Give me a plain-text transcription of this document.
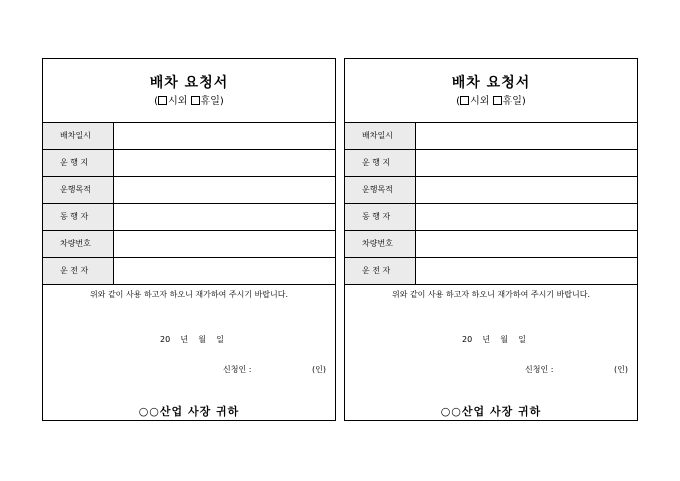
배차 요청서
( 시외 휴일)
배차일시
운 행 지
운행목적
동 행 자
차량번호
운 전 자
위와 같이 사용 하고자 하오니 재가하여 주시기 바랍니다.
20    년    월    일
신청인 :	(인)
○○산업 사장 귀하
배차 요청서
( 시외 휴일)
배차일시
운 행 지
운행목적
동 행 자
차량번호
운 전 자
위와 같이 사용 하고자 하오니 재가하여 주시기 바랍니다.
20    년    월    일
신청인 :	(인)
○○산업 사장 귀하
